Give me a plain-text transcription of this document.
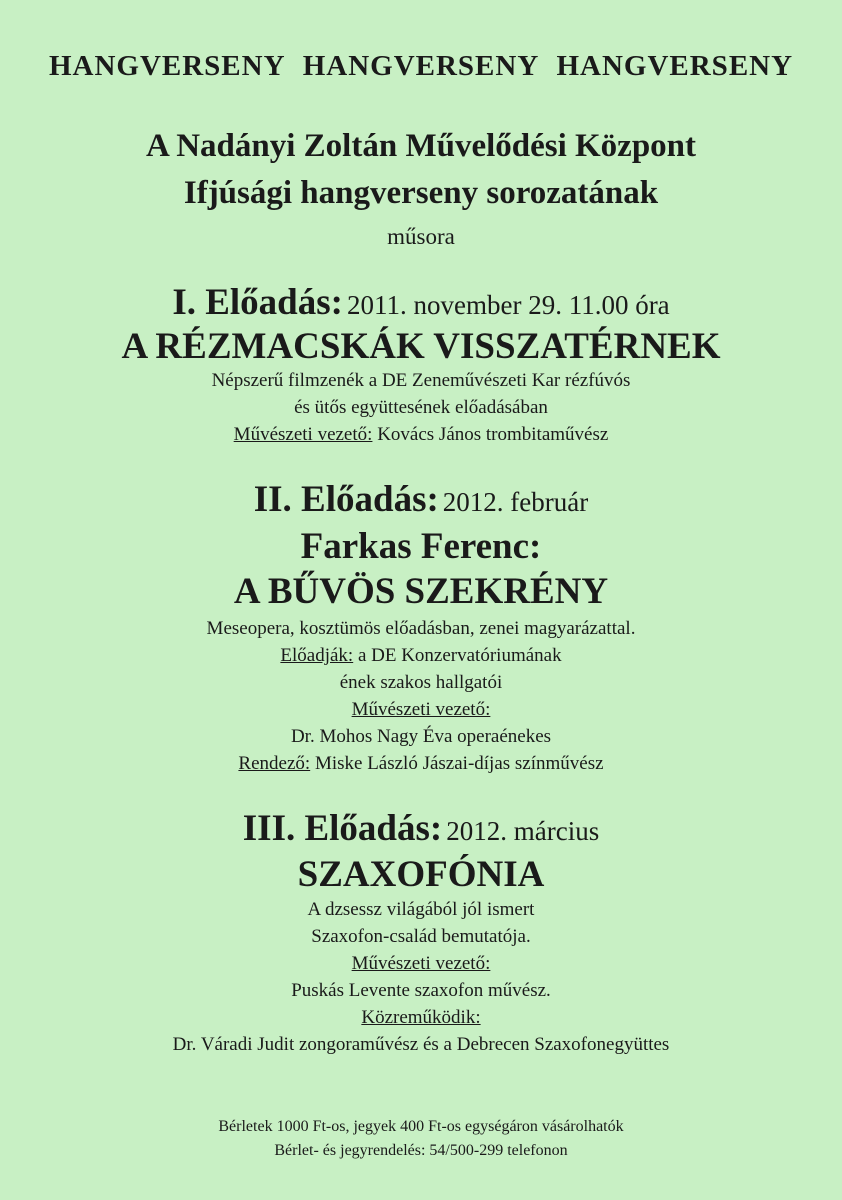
HANGVERSENY HANGVERSENY HANGVERSENY
A Nadányi Zoltán Művelődési Központ
Ifjúsági hangverseny sorozatának
műsora
I. Előadás: 2011. november 29. 11.00 óra
A RÉZMACSKÁK VISSZATÉRNEK
Népszerű filmzenék a DE Zeneművészeti Kar rézfúvós
és ütős együttesének előadásában
Művészeti vezető: Kovács János trombitaművész
II. Előadás: 2012. február
Farkas Ferenc:
A BŰVÖS SZEKRÉNY
Meseopera, kosztümös előadásban, zenei magyarázattal.
Előadják: a DE Konzervatóriumának
ének szakos hallgatói
Művészeti vezető:
Dr. Mohos Nagy Éva operaénekes
Rendező: Miske László Jászai-díjas színművész
III. Előadás: 2012. március
SZAXOFÓNIA
A dzsessz világából jól ismert
Szaxofon-család bemutatója.
Művészeti vezető:
Puskás Levente szaxofon művész.
Közreműködik:
Dr. Váradi Judit zongoraművész és a Debrecen Szaxofonegyüttes
Bérletek 1000 Ft-os, jegyek 400 Ft-os egységáron vásárolhatók
Bérlet- és jegyrendelés: 54/500-299 telefonon
